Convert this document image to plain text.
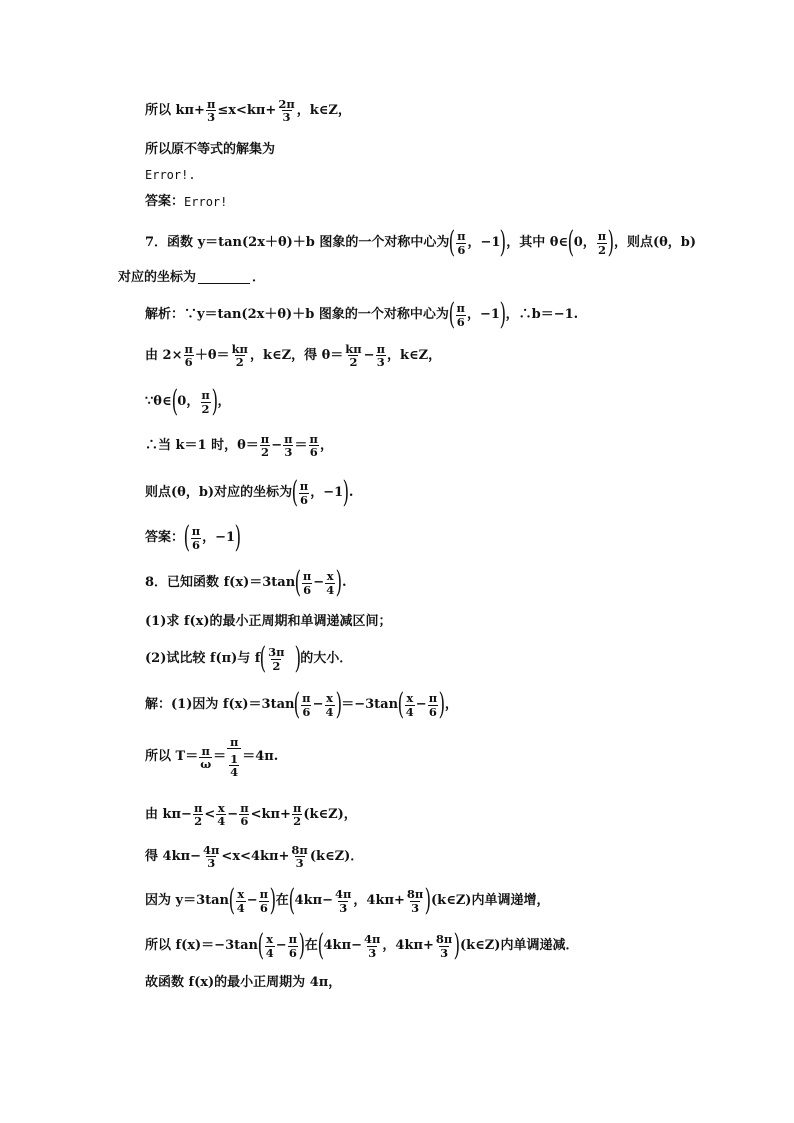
所以 $k\pi+ \frac{\pi}{3} \le x<k\pi+ \frac{2\pi}{3}$ ，k∈Z，
所以原不等式的解集为
Error!.
答案： Error!
7．函数 y＝tan(2x＋θ)＋b 图象的一个对称中心为 ( $\frac{\pi}{6}$ ，−1 ) ，其中 θ∈ ( 0， $\frac{\pi}{2}$ ) ，则点(θ，b)
对应的坐标为	．
解析：∵y＝tan(2x＋θ)＋b 图象的一个对称中心为 ( $\frac{\pi}{6}$ ，−1 ) ，∴b＝−1.
由 $2\times \frac{\pi}{6} +\theta= \frac{k\pi}{2}$ ，k∈Z，得 $\theta= \frac{k\pi}{2} - \frac{\pi}{3}$ ，k∈Z，
∵θ∈ ( 0， $\frac{\pi}{2}$ ) ，
∴当 k＝1 时，$\theta= \frac{\pi}{2} - \frac{\pi}{3} = \frac{\pi}{6}$ ，
则点(θ，b)对应的坐标为 ( $\frac{\pi}{6}$ ，−1 ) .
答案： ( $\frac{\pi}{6}$ ，−1 )
8．已知函数 f(x)＝3tan ( $\frac{\pi}{6} - \frac{x}{4}$ ) .
(1)求 f(x)的最小正周期和单调递减区间；
(2)试比较 f(π)与 f ( $\frac{3\pi}{2}$ ) 的大小．
解：(1)因为 f(x)＝3tan ( $\frac{\pi}{6} - \frac{x}{4}$ ) ＝−3tan ( $\frac{x}{4} - \frac{\pi}{6}$ ) ，
所以 $T= \frac{\pi}{\omega} = \frac{\pi}{\frac{1}{4}} =4\pi$.
由 $k\pi- \frac{\pi}{2} < \frac{x}{4} - \frac{\pi}{6} <k\pi+ \frac{\pi}{2}$ (k∈Z)，
得 $4k\pi- \frac{4\pi}{3} <x<4k\pi+ \frac{8\pi}{3}$ (k∈Z)．
因为 y＝3tan ( $\frac{x}{4} - \frac{\pi}{6}$ ) 在 ( $4k\pi- \frac{4\pi}{3}$ ，$4k\pi+ \frac{8\pi}{3}$ ) (k∈Z)内单调递增，
所以 f(x)＝−3tan ( $\frac{x}{4} - \frac{\pi}{6}$ ) 在 ( $4k\pi- \frac{4\pi}{3}$ ，$4k\pi+ \frac{8\pi}{3}$ ) (k∈Z)内单调递减．
故函数 f(x)的最小正周期为 4π，
